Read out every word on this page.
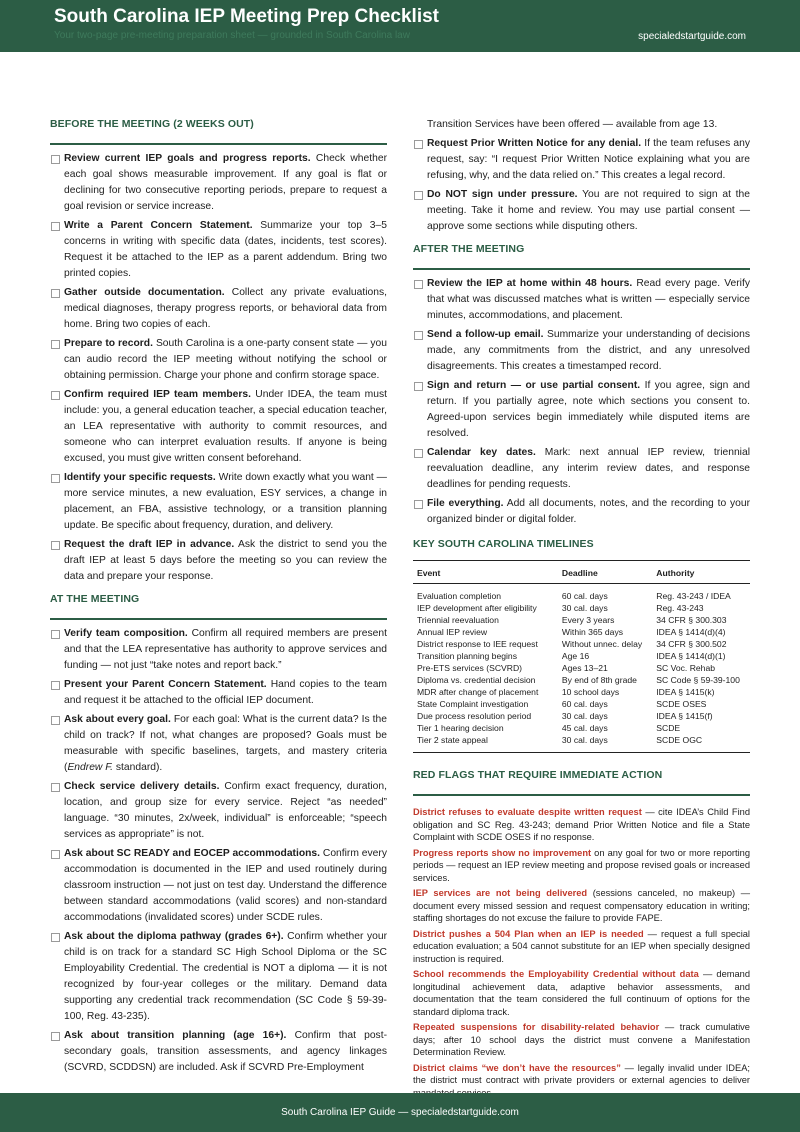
South Carolina IEP Meeting Prep Checklist
Your two-page pre-meeting preparation sheet — grounded in South Carolina law	specialedstartguide.com
BEFORE THE MEETING (2 WEEKS OUT)
Review current IEP goals and progress reports. Check whether each goal shows measurable improvement. If any goal is flat or declining for two consecutive reporting periods, prepare to request a goal revision or service increase.
Write a Parent Concern Statement. Summarize your top 3–5 concerns in writing with specific data (dates, incidents, test scores). Request it be attached to the IEP as a parent addendum. Bring two printed copies.
Gather outside documentation. Collect any private evaluations, medical diagnoses, therapy progress reports, or behavioral data from home. Bring two copies of each.
Prepare to record. South Carolina is a one-party consent state — you can audio record the IEP meeting without notifying the school or obtaining permission. Charge your phone and confirm storage space.
Confirm required IEP team members. Under IDEA, the team must include: you, a general education teacher, a special education teacher, an LEA representative with authority to commit resources, and someone who can interpret evaluation results. If anyone is being excused, you must give written consent beforehand.
Identify your specific requests. Write down exactly what you want — more service minutes, a new evaluation, ESY services, a change in placement, an FBA, assistive technology, or a transition planning update. Be specific about frequency, duration, and delivery.
Request the draft IEP in advance. Ask the district to send you the draft IEP at least 5 days before the meeting so you can review the data and prepare your response.
AT THE MEETING
Verify team composition. Confirm all required members are present and that the LEA representative has authority to approve services and funding — not just “take notes and report back.”
Present your Parent Concern Statement. Hand copies to the team and request it be attached to the official IEP document.
Ask about every goal. For each goal: What is the current data? Is the child on track? If not, what changes are proposed? Goals must be measurable with specific baselines, targets, and mastery criteria (Endrew F. standard).
Check service delivery details. Confirm exact frequency, duration, location, and group size for every service. Reject “as needed” language. “30 minutes, 2x/week, individual” is enforceable; “speech services as appropriate” is not.
Ask about SC READY and EOCEP accommodations. Confirm every accommodation is documented in the IEP and used routinely during classroom instruction — not just on test day. Understand the difference between standard accommodations (valid scores) and non-standard accommodations (invalidated scores) under SCDE rules.
Ask about the diploma pathway (grades 6+). Confirm whether your child is on track for a standard SC High School Diploma or the SC Employability Credential. The credential is NOT a diploma — it is not recognized by four-year colleges or the military. Demand data supporting any credential track recommendation (SC Code § 59-39-100, Reg. 43-235).
Ask about transition planning (age 16+). Confirm that post-secondary goals, transition assessments, and agency linkages (SCVRD, SCDDSN) are included. Ask if SCVRD Pre-Employment
Transition Services have been offered — available from age 13.
Request Prior Written Notice for any denial. If the team refuses any request, say: “I request Prior Written Notice explaining what you are refusing, why, and the data relied on.” This creates a legal record.
Do NOT sign under pressure. You are not required to sign at the meeting. Take it home and review. You may use partial consent — approve some sections while disputing others.
AFTER THE MEETING
Review the IEP at home within 48 hours. Read every page. Verify that what was discussed matches what is written — especially service minutes, accommodations, and placement.
Send a follow-up email. Summarize your understanding of decisions made, any commitments from the district, and any unresolved disagreements. This creates a timestamped record.
Sign and return — or use partial consent. If you agree, sign and return. If you partially agree, note which sections you consent to. Agreed-upon services begin immediately while disputed items are resolved.
Calendar key dates. Mark: next annual IEP review, triennial reevaluation deadline, any interim review dates, and response deadlines for pending requests.
File everything. Add all documents, notes, and the recording to your organized binder or digital folder.
KEY SOUTH CAROLINA TIMELINES
Event	Deadline	Authority
Evaluation completion	60 cal. days	Reg. 43-243 / IDEA
IEP development after eligibility	30 cal. days	Reg. 43-243
Triennial reevaluation	Every 3 years	34 CFR § 300.303
Annual IEP review	Within 365 days	IDEA § 1414(d)(4)
District response to IEE request	Without unnec. delay	34 CFR § 300.502
Transition planning begins	Age 16	IDEA § 1414(d)(1)
Pre-ETS services (SCVRD)	Ages 13–21	SC Voc. Rehab
Diploma vs. credential decision	By end of 8th grade	SC Code § 59-39-100
MDR after change of placement	10 school days	IDEA § 1415(k)
State Complaint investigation	60 cal. days	SCDE OSES
Due process resolution period	30 cal. days	IDEA § 1415(f)
Tier 1 hearing decision	45 cal. days	SCDE
Tier 2 state appeal	30 cal. days	SCDE OGC
RED FLAGS THAT REQUIRE IMMEDIATE ACTION
District refuses to evaluate despite written request — cite IDEA’s Child Find obligation and SC Reg. 43-243; demand Prior Written Notice and file a State Complaint with SCDE OSES if no response.
Progress reports show no improvement on any goal for two or more reporting periods — request an IEP review meeting and propose revised goals or increased services.
IEP services are not being delivered (sessions canceled, no makeup) — document every missed session and request compensatory education in writing; staffing shortages do not excuse the failure to provide FAPE.
District pushes a 504 Plan when an IEP is needed — request a full special education evaluation; a 504 cannot substitute for an IEP when specially designed instruction is required.
School recommends the Employability Credential without data — demand longitudinal achievement data, adaptive behavior assessments, and documentation that the team considered the full continuum of options for the standard diploma track.
Repeated suspensions for disability-related behavior — track cumulative days; after 10 school days the district must convene a Manifestation Determination Review.
District claims “we don’t have the resources” — legally invalid under IDEA; the district must contract with private providers or external agencies to deliver
South Carolina IEP Guide — specialedstartguide.com
